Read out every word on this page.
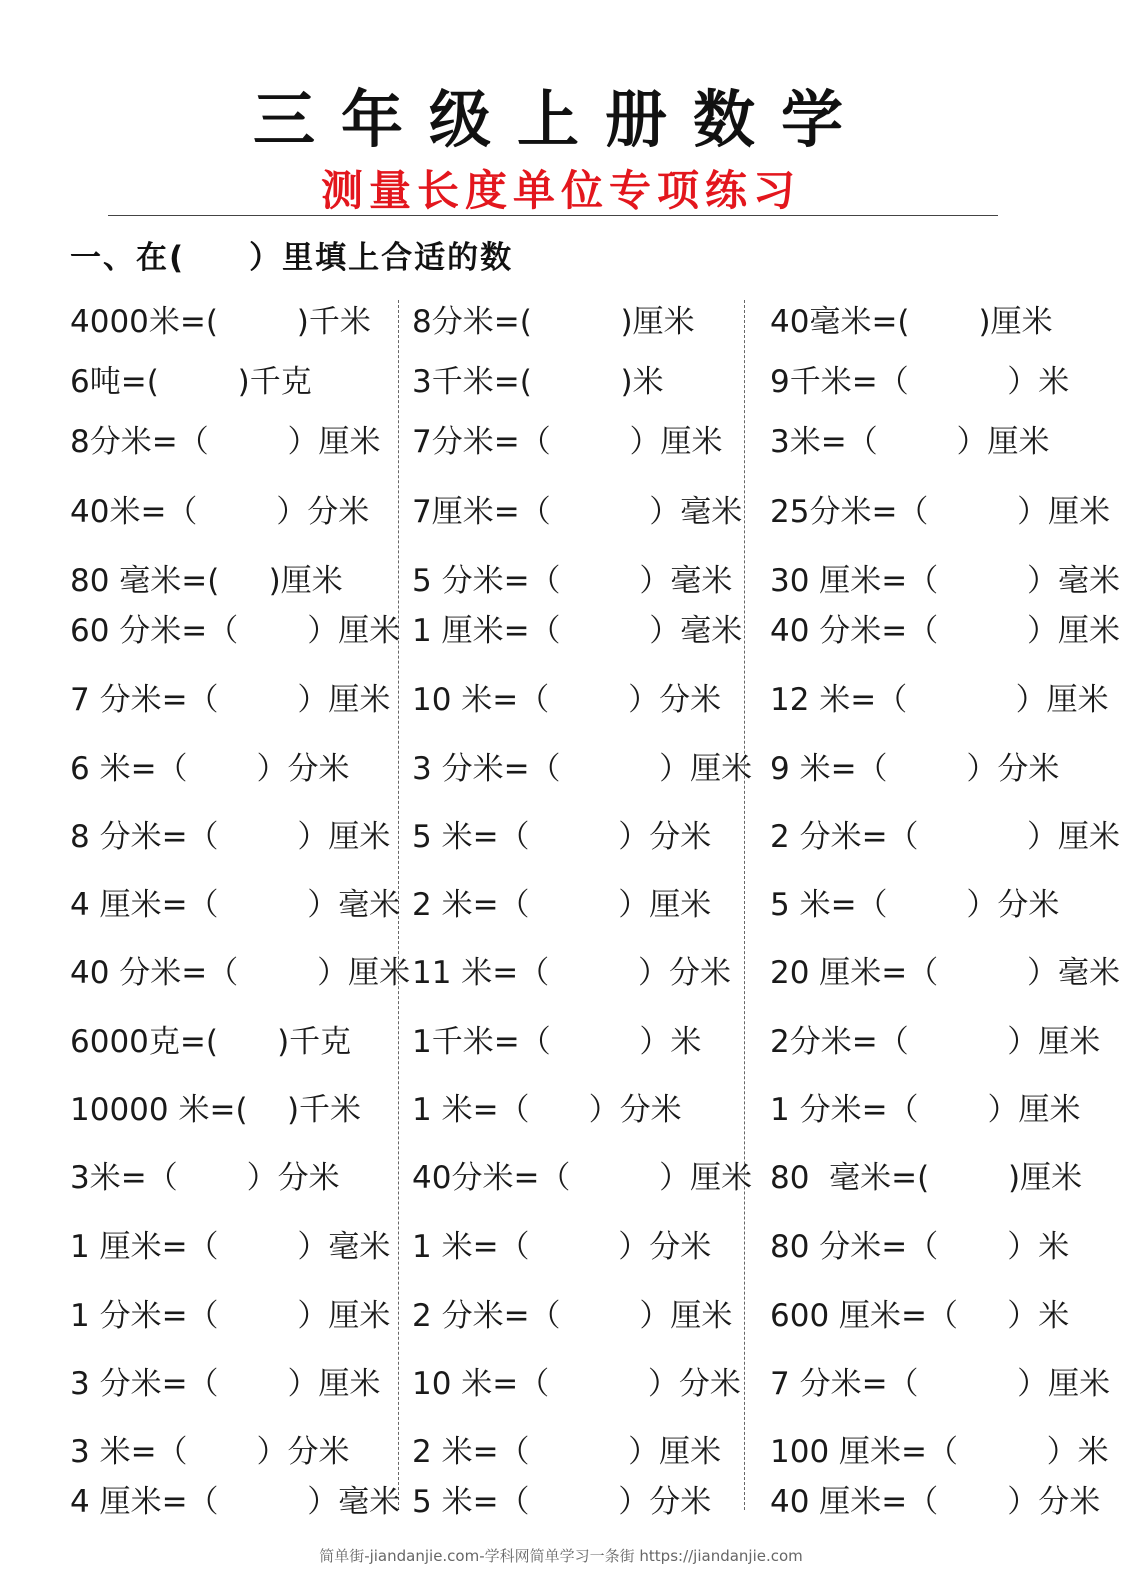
三年级上册数学
测量长度单位专项练习
一、在(     ）里填上合适的数
4000米=(        )千米
6吨=(        )千克
8分米=（        ）厘米
40米=（        ）分米
80 毫米=(     )厘米
60 分米=（       ）厘米
7 分米=（        ）厘米
6 米=（       ）分米
8 分米=（        ）厘米
4 厘米=（         ）毫米
40 分米=（        ）厘米
6000克=(      )千克
10000 米=(    )千米
3米=（       ）分米
1 厘米=（        ）毫米
1 分米=（        ）厘米
3 分米=（       ）厘米
3 米=（       ）分米
4 厘米=（         ）毫米
8分米=(         )厘米
3千米=(         )米
7分米=（        ）厘米
7厘米=（          ）毫米
5 分米=（        ）毫米
1 厘米=（         ）毫米
10 米=（        ）分米
3 分米=（          ）厘米
5 米=（         ）分米
2 米=（         ）厘米
11 米=（         ）分米
1千米=（         ）米
1 米=（      ）分米
40分米=（         ）厘米
1 米=（         ）分米
2 分米=（        ）厘米
10 米=（          ）分米
2 米=（          ）厘米
5 米=（         ）分米
40毫米=(       )厘米
9千米=（          ）米
3米=（        ）厘米
25分米=（         ）厘米
30 厘米=（         ）毫米
40 分米=（         ）厘米
12 米=（           ）厘米
9 米=（        ）分米
2 分米=（           ）厘米
5 米=（        ）分米
20 厘米=（         ）毫米
2分米=（          ）厘米
1 分米=（       ）厘米
80  毫米=(        )厘米
80 分米=（       ）米
600 厘米=（     ）米
7 分米=（          ）厘米
100 厘米=（         ）米
40 厘米=（       ）分米
简单街-jiandanjie.com-学科网简单学习一条街 https://jiandanjie.com
